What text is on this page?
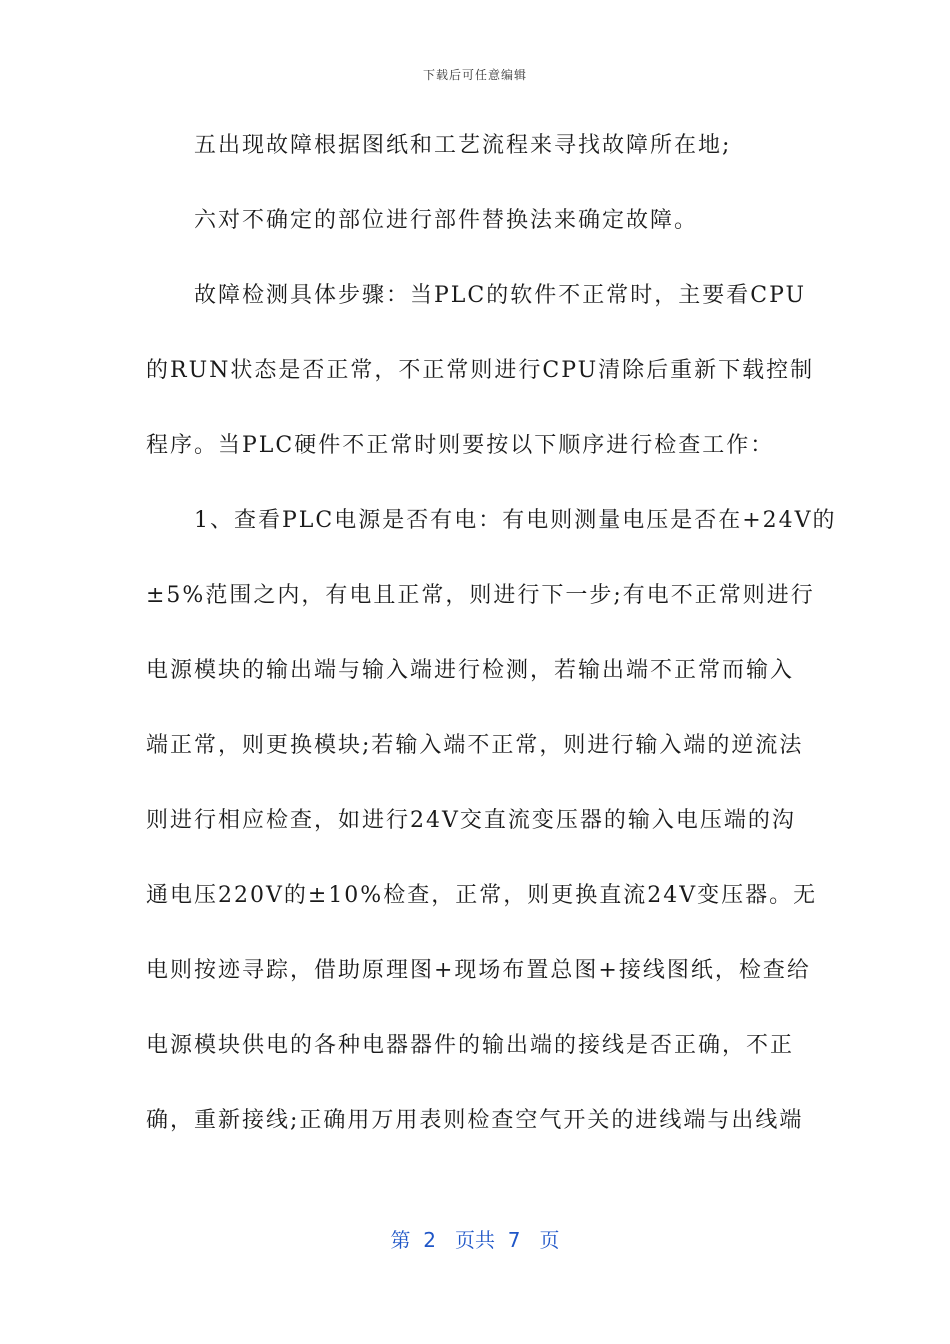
下载后可任意编辑
五出现故障根据图纸和工艺流程来寻找故障所在地;
六对不确定的部位进行部件替换法来确定故障。
故障检测具体步骤：当PLC的软件不正常时，主要看CPU
的RUN状态是否正常，不正常则进行CPU清除后重新下载控制
程序。当PLC硬件不正常时则要按以下顺序进行检查工作：
1、查看PLC电源是否有电：有电则测量电压是否在+24V的
±5%范围之内，有电且正常，则进行下一步;有电不正常则进行
电源模块的输出端与输入端进行检测，若输出端不正常而输入
端正常，则更换模块;若输入端不正常，则进行输入端的逆流法
则进行相应检查，如进行24V交直流变压器的输入电压端的沟
通电压220V的±10%检查，正常，则更换直流24V变压器。无
电则按迹寻踪，借助原理图+现场布置总图+接线图纸，检查给
电源模块供电的各种电器器件的输出端的接线是否正确，不正
确，重新接线;正确用万用表则检查空气开关的进线端与出线端
第  2   页共  7   页
